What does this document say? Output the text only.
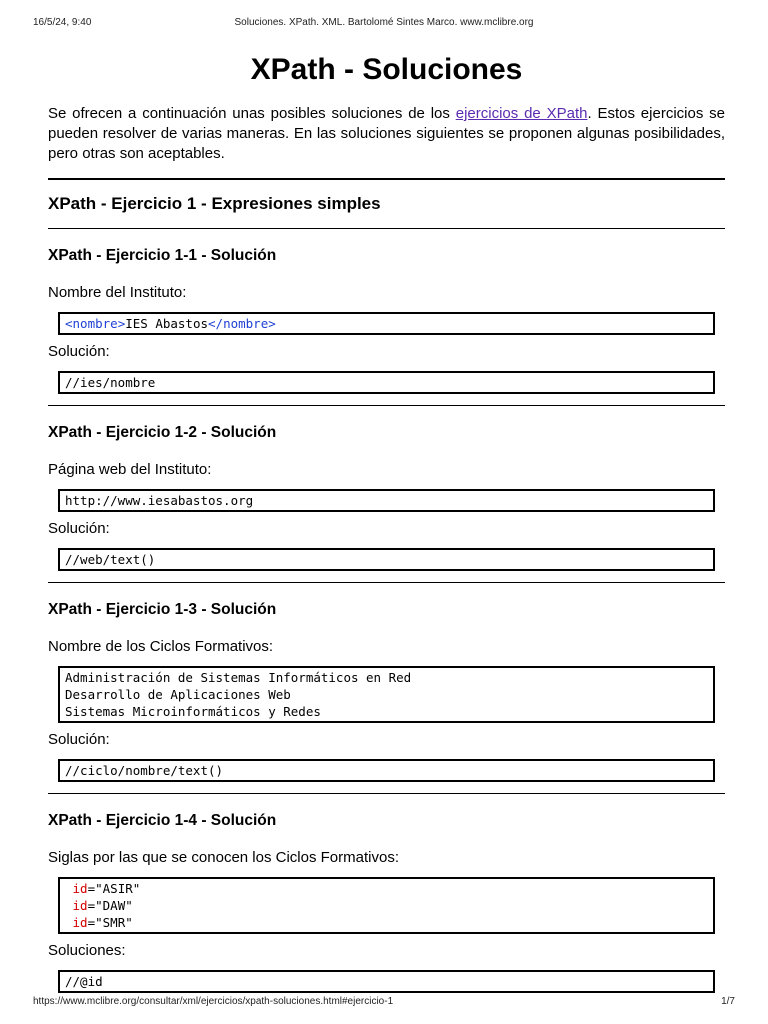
16/5/24, 9:40	Soluciones. XPath. XML. Bartolomé Sintes Marco. www.mclibre.org
XPath - Soluciones

Se ofrecen a continuación unas posibles soluciones de los ejercicios de XPath. Estos ejercicios se pueden resolver de varias maneras. En las soluciones siguientes se proponen algunas posibilidades, pero otras son aceptables.

XPath - Ejercicio 1 - Expresiones simples
XPath - Ejercicio 1-1 - Solución

Nombre del Instituto:

<nombre>IES Abastos</nombre>

Solución:

//ies/nombre
XPath - Ejercicio 1-2 - Solución

Página web del Instituto:

http://www.iesabastos.org

Solución:

//web/text()
XPath - Ejercicio 1-3 - Solución

Nombre de los Ciclos Formativos:

Administración de Sistemas Informáticos en Red
Desarrollo de Aplicaciones Web
Sistemas Microinformáticos y Redes

Solución:

//ciclo/nombre/text()
XPath - Ejercicio 1-4 - Solución

Siglas por las que se conocen los Ciclos Formativos:

id="ASIR"
id="DAW"
id="SMR"

Soluciones:

//@id
https://www.mclibre.org/consultar/xml/ejercicios/xpath-soluciones.html#ejercicio-1	1/7
